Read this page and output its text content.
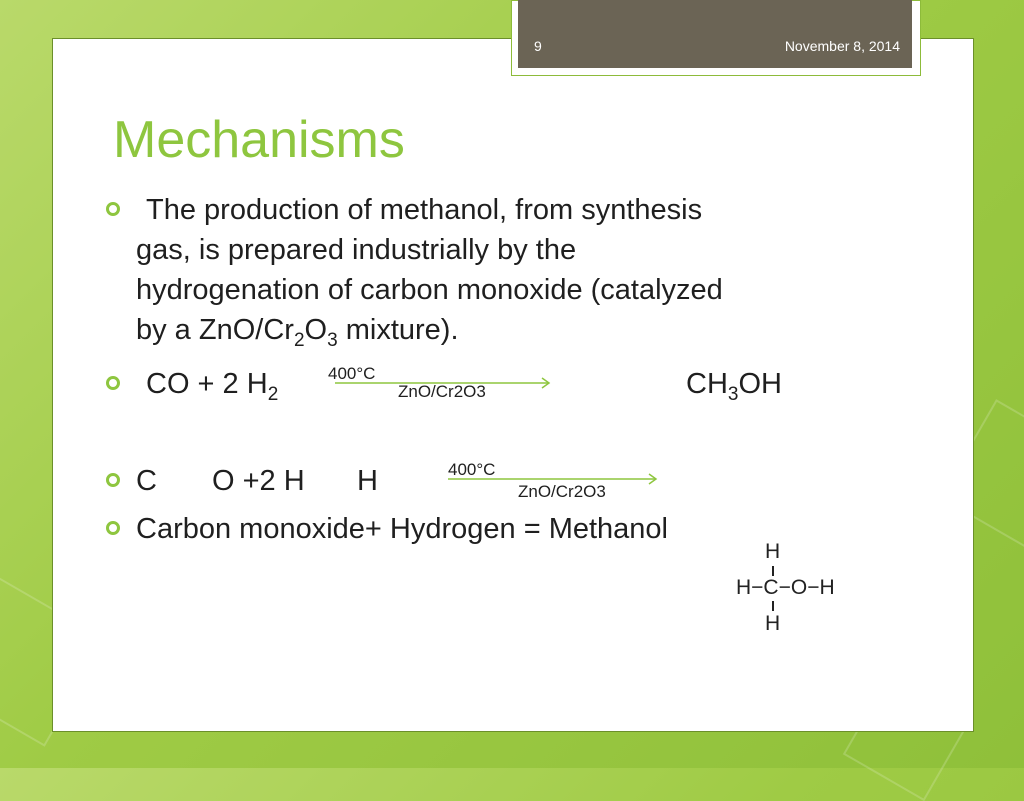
9	November 8, 2014
Mechanisms
The production of methanol, from synthesis
gas, is prepared industrially by the
hydrogenation of carbon monoxide (catalyzed
by a ZnO/$Cr_2O_3$ mixture).
CO + 2 $H_2$
400°C
ZnO/Cr2O3	$CH_3OH$
C O +2 H H	400°C
ZnO/Cr2O3
Carbon monoxide+ Hydrogen = Methanol
H
H−C−O−H
H
